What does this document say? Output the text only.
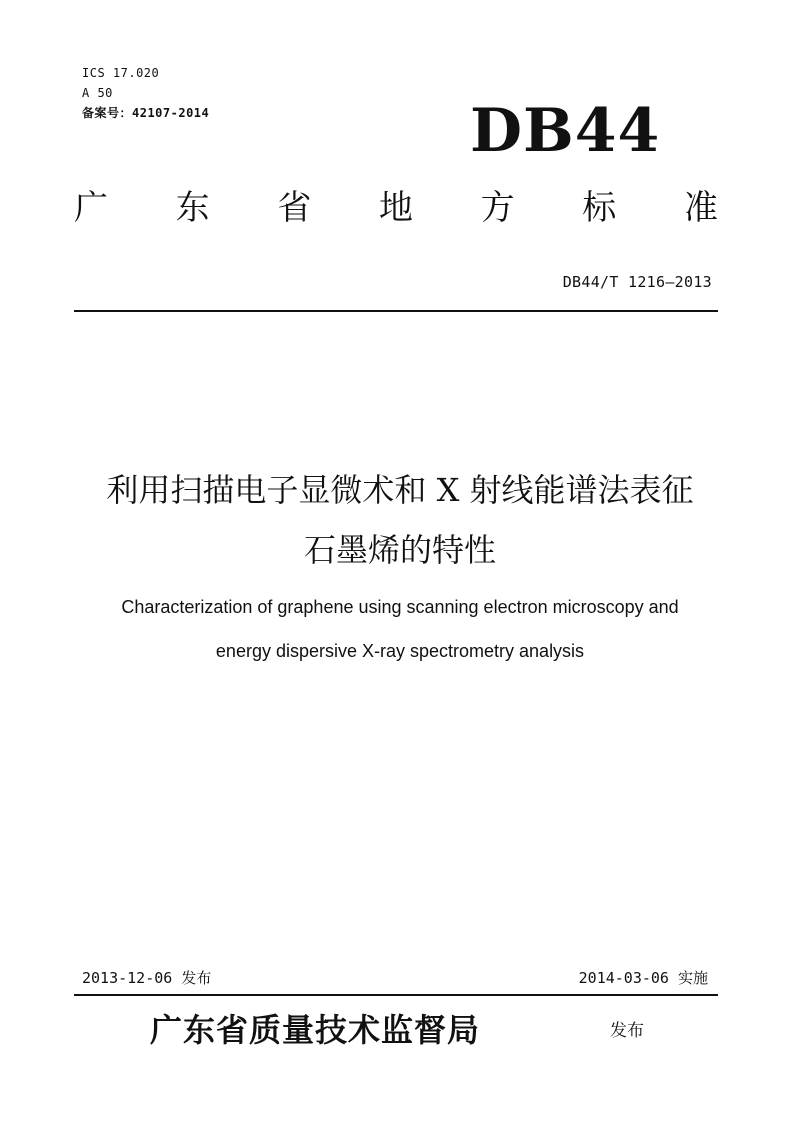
ICS 17.020
A 50
备案号：42107-2014	DB44
广 东 省 地 方 标 准
DB44/T 1216—2013
利用扫描电子显微术和 X 射线能谱法表征
石墨烯的特性
Characterization of graphene using scanning electron microscopy and
energy dispersive X-ray spectrometry analysis
2013-12-06 发布	2014-03-06 实施
广东省质量技术监督局	发布
